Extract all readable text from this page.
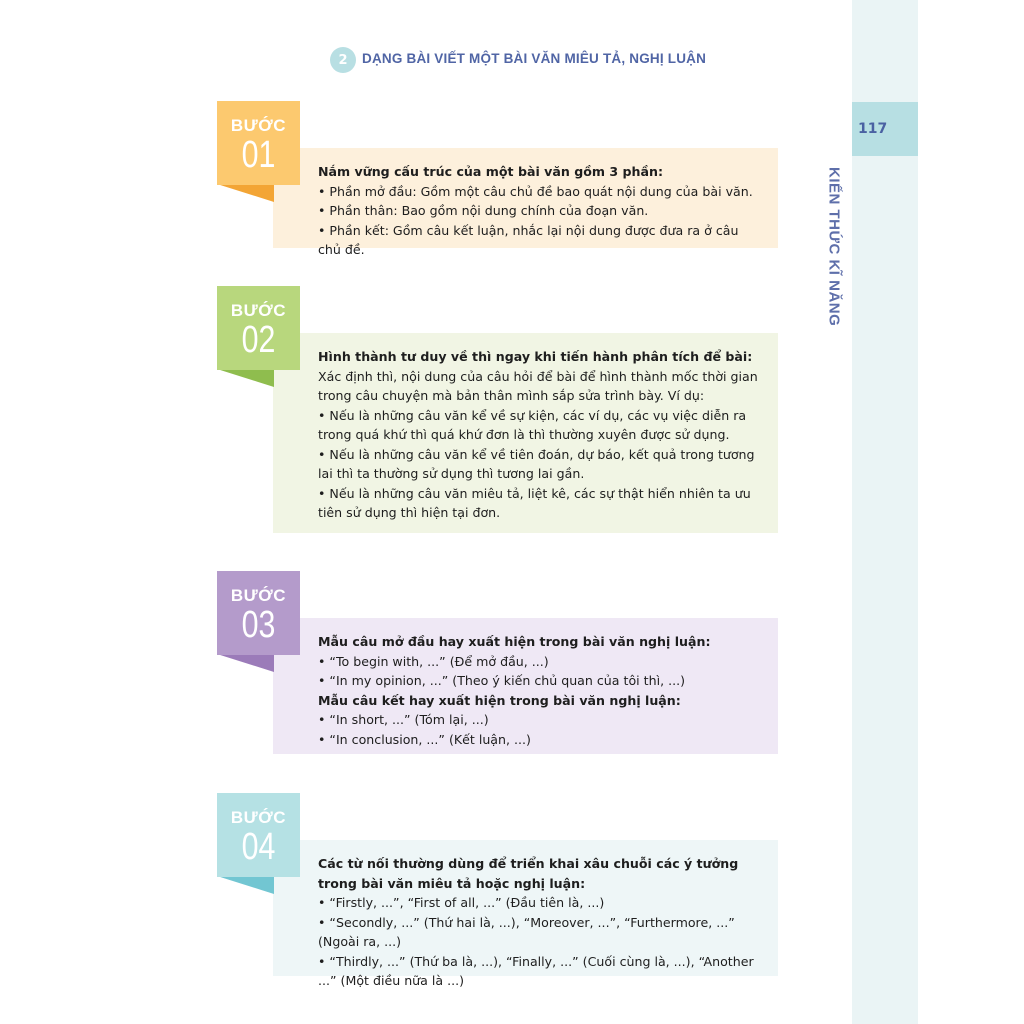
117
KIẾN THỨC KĨ NĂNG
2	DẠNG BÀI VIẾT MỘT BÀI VĂN MIÊU TẢ, NGHỊ LUẬN

Nắm vững cấu trúc của một bài văn gồm 3 phần:

• Phần mở đầu: Gồm một câu chủ đề bao quát nội dung của bài văn.

• Phần thân: Bao gồm nội dung chính của đoạn văn.

• Phần kết: Gồm câu kết luận, nhắc lại nội dung được đưa ra ở câu chủ đề.

BƯỚC
01

Hình thành tư duy về thì ngay khi tiến hành phân tích để bài:

Xác định thì, nội dung của câu hỏi để bài để hình thành mốc thời gian trong câu chuyện mà bản thân mình sắp sửa trình bày. Ví dụ:

• Nếu là những câu văn kể về sự kiện, các ví dụ, các vụ việc diễn ra trong quá khứ thì quá khứ đơn là thì thường xuyên được sử dụng.

• Nếu là những câu văn kể về tiên đoán, dự báo, kết quả trong tương lai thì ta thường sử dụng thì tương lai gần.

• Nếu là những câu văn miêu tả, liệt kê, các sự thật hiển nhiên ta ưu tiên sử dụng thì hiện tại đơn.

BƯỚC
02

Mẫu câu mở đầu hay xuất hiện trong bài văn nghị luận:

• “To begin with, ...” (Để mở đầu, ...)

• “In my opinion, ...” (Theo ý kiến chủ quan của tôi thì, ...)

Mẫu câu kết hay xuất hiện trong bài văn nghị luận:

• “In short, ...” (Tóm lại, ...)

• “In conclusion, ...” (Kết luận, ...)

BƯỚC
03

Các từ nối thường dùng để triển khai xâu chuỗi các ý tưởng trong bài văn miêu tả hoặc nghị luận:

• “Firstly, ...”, “First of all, ...” (Đầu tiên là, ...)

• “Secondly, ...” (Thứ hai là, ...), “Moreover, ...”, “Furthermore, ...” (Ngoài ra, ...)

• “Thirdly, ...” (Thứ ba là, ...), “Finally, ...” (Cuối cùng là, ...), “Another ...” (Một điều nữa là ...)

BƯỚC
04
